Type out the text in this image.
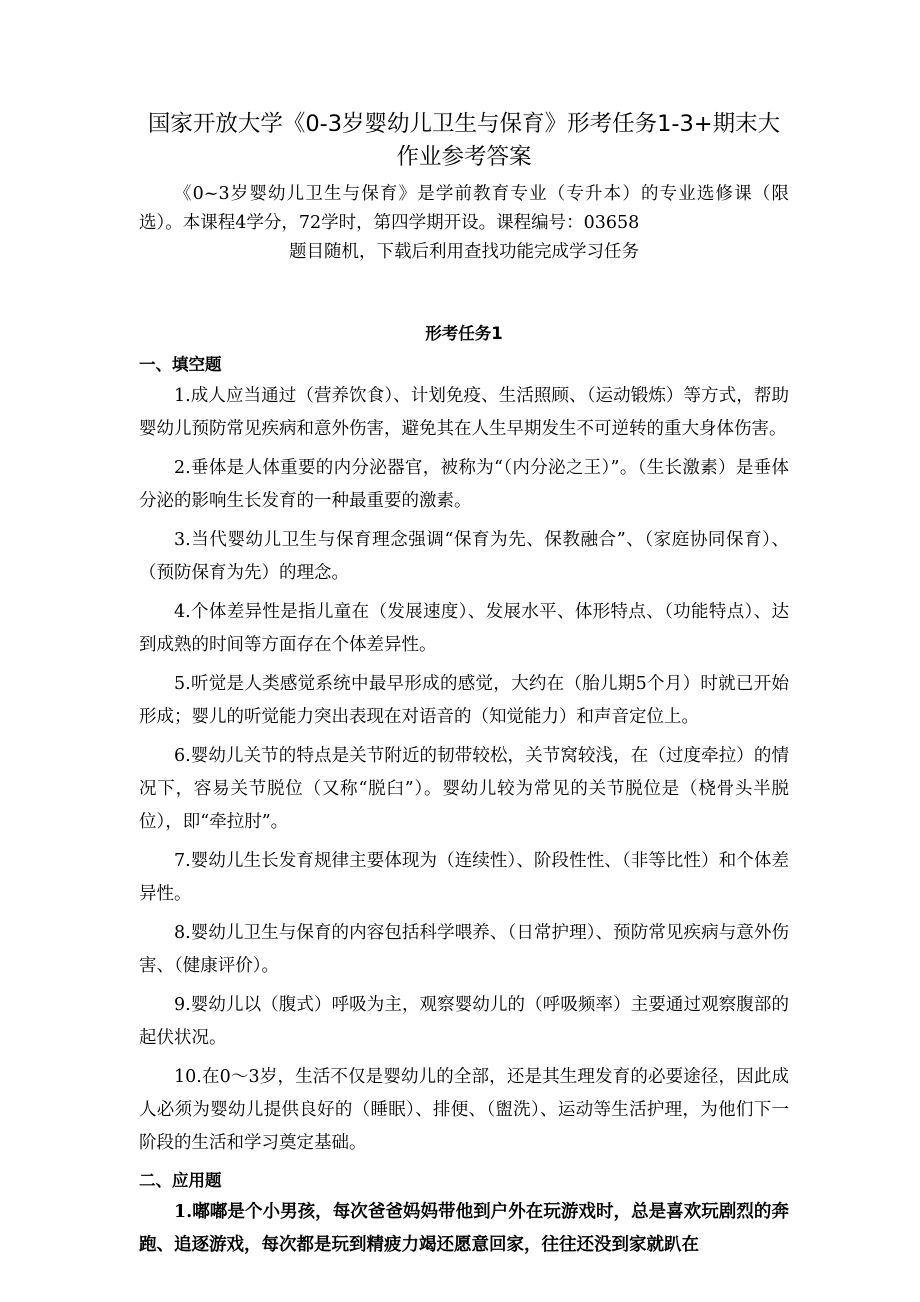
国家开放大学《0-3岁婴幼儿卫生与保育》形考任务1-3+期末大作业参考答案

《0~3岁婴幼儿卫生与保育》是学前教育专业（专升本）的专业选修课（限选）。本课程4学分，72学时，第四学期开设。课程编号：03658

题目随机，下载后利用查找功能完成学习任务

形考任务1
一、填空题

1.成人应当通过（营养饮食）、计划免疫、生活照顾、（运动锻炼）等方式，帮助婴幼儿预防常见疾病和意外伤害，避免其在人生早期发生不可逆转的重大身体伤害。

2.垂体是人体重要的内分泌器官，被称为“（内分泌之王）”。（生长激素）是垂体分泌的影响生长发育的一种最重要的激素。

3.当代婴幼儿卫生与保育理念强调“保育为先、保教融合”、（家庭协同保育）、（预防保育为先）的理念。

4.个体差异性是指儿童在（发展速度）、发展水平、体形特点、（功能特点）、达到成熟的时间等方面存在个体差异性。

5.听觉是人类感觉系统中最早形成的感觉，大约在（胎儿期5个月）时就已开始形成；婴儿的听觉能力突出表现在对语音的（知觉能力）和声音定位上。

6.婴幼儿关节的特点是关节附近的韧带较松，关节窝较浅，在（过度牵拉）的情况下，容易关节脱位（又称“脱臼”）。婴幼儿较为常见的关节脱位是（桡骨头半脱位），即“牵拉肘”。

7.婴幼儿生长发育规律主要体现为（连续性）、阶段性性、（非等比性）和个体差异性。

8.婴幼儿卫生与保育的内容包括科学喂养、（日常护理）、预防常见疾病与意外伤害、（健康评价）。

9.婴幼儿以（腹式）呼吸为主，观察婴幼儿的（呼吸频率）主要通过观察腹部的起伏状况。

10.在0～3岁，生活不仅是婴幼儿的全部，还是其生理发育的必要途径，因此成人必须为婴幼儿提供良好的（睡眠）、排便、（盥洗）、运动等生活护理，为他们下一阶段的生活和学习奠定基础。

二、应用题

1.嘟嘟是个小男孩，每次爸爸妈妈带他到户外在玩游戏时，总是喜欢玩剧烈的奔跑、追逐游戏，每次都是玩到精疲力竭还愿意回家，往往还没到家就趴在
